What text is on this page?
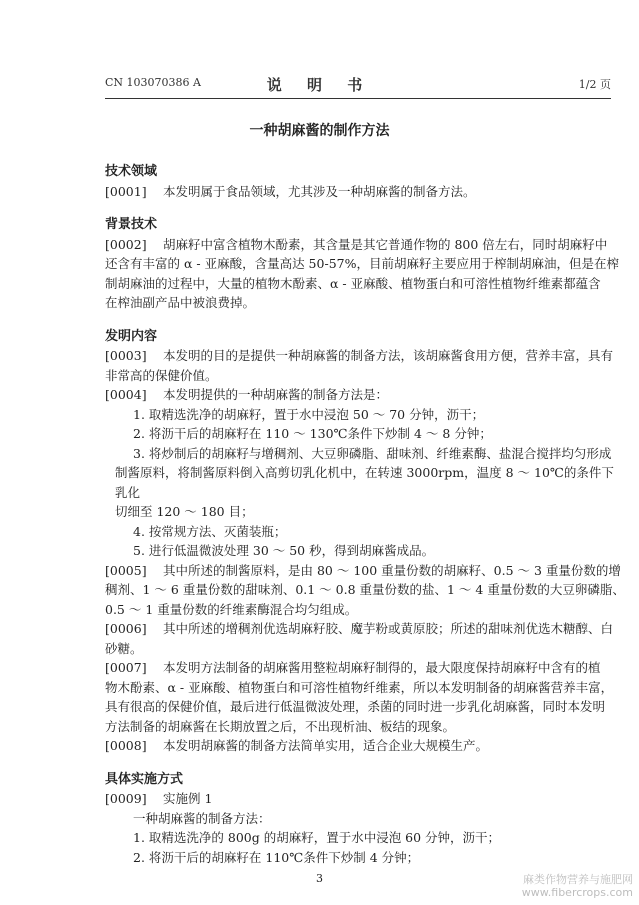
CN 103070386 A	说 明 书	1/2 页
一种胡麻酱的制作方法
技术领域
[0001] 本发明属于食品领域，尤其涉及一种胡麻酱的制备方法。
背景技术
[0002] 胡麻籽中富含植物木酚素，其含量是其它普通作物的 800 倍左右，同时胡麻籽中
还含有丰富的 α - 亚麻酸，含量高达 50-57%，目前胡麻籽主要应用于榨制胡麻油，但是在榨
制胡麻油的过程中，大量的植物木酚素、α - 亚麻酸、植物蛋白和可溶性植物纤维素都蕴含
在榨油副产品中被浪费掉。
发明内容
[0003] 本发明的目的是提供一种胡麻酱的制备方法，该胡麻酱食用方便，营养丰富，具有
非常高的保健价值。
[0004] 本发明提供的一种胡麻酱的制备方法是：
1. 取精选洗净的胡麻籽，置于水中浸泡 50 ～ 70 分钟，沥干；
2. 将沥干后的胡麻籽在 110 ～ 130℃条件下炒制 4 ～ 8 分钟；
3. 将炒制后的胡麻籽与增稠剂、大豆卵磷脂、甜味剂、纤维素酶、盐混合搅拌均匀形成
制酱原料，将制酱原料倒入高剪切乳化机中，在转速 3000rpm，温度 8 ～ 10℃的条件下乳化
切细至 120 ～ 180 目；
4. 按常规方法、灭菌装瓶；
5. 进行低温微波处理 30 ～ 50 秒，得到胡麻酱成品。
[0005] 其中所述的制酱原料，是由 80 ～ 100 重量份数的胡麻籽、0.5 ～ 3 重量份数的增
稠剂、1 ～ 6 重量份数的甜味剂、0.1 ～ 0.8 重量份数的盐、1 ～ 4 重量份数的大豆卵磷脂、
0.5 ～ 1 重量份数的纤维素酶混合均匀组成。
[0006] 其中所述的增稠剂优选胡麻籽胶、魔芋粉或黄原胶；所述的甜味剂优选木糖醇、白
砂糖。
[0007] 本发明方法制备的胡麻酱用整粒胡麻籽制得的，最大限度保持胡麻籽中含有的植
物木酚素、α - 亚麻酸、植物蛋白和可溶性植物纤维素，所以本发明制备的胡麻酱营养丰富，
具有很高的保健价值，最后进行低温微波处理，杀菌的同时进一步乳化胡麻酱，同时本发明
方法制备的胡麻酱在长期放置之后，不出现析油、板结的现象。
[0008] 本发明胡麻酱的制备方法简单实用，适合企业大规模生产。
具体实施方式
[0009] 实施例 1
一种胡麻酱的制备方法：
1. 取精选洗净的 800g 的胡麻籽，置于水中浸泡 60 分钟，沥干；
2. 将沥干后的胡麻籽在 110℃条件下炒制 4 分钟；
3	麻类作物营养与施肥网
www.fibercrops.com
